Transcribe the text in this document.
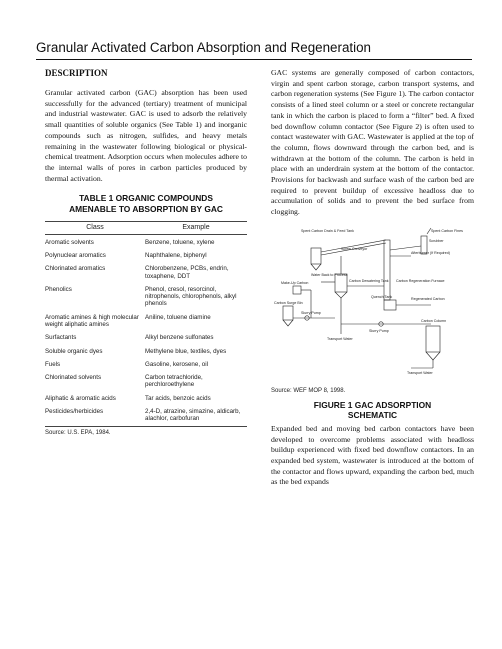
Granular Activated Carbon Absorption and Regeneration
DESCRIPTION

Granular activated carbon (GAC) absorption has been used successfully for the advanced (tertiary) treatment of municipal and industrial wastewater. GAC is used to adsorb the relatively small quantities of soluble organics (See Table 1) and inorganic compounds such as nitrogen, sulfides, and heavy metals remaining in the wastewater following biological or physical-chemical treatment. Adsorption occurs when molecules adhere to the internal walls of pores in carbon particles produced by thermal activation.

TABLE 1 ORGANIC COMPOUNDS
AMENABLE TO ABSORPTION BY GAC
Class	Example
Aromatic solvents	Benzene, toluene, xylene
Polynuclear aromatics	Naphthalene, biphenyl
Chlorinated aromatics	Chlorobenzene, PCBs, endrin, toxaphene, DDT
Phenolics	Phenol, cresol, resorcinol, nitrophenols, chlorophenols, alkyl phenols
Aromatic amines & high molecular weight aliphatic amines	Aniline, toluene diamine
Surfactants	Alkyl benzene sulfonates
Soluble organic dyes	Methylene blue, textiles, dyes
Fuels	Gasoline, kerosene, oil
Chlorinated solvents	Carbon tetrachloride, perchloroethylene
Aliphatic & aromatic acids	Tar acids, benzoic acids
Pesticides/herbicides	2,4-D, atrazine, simazine, aldicarb, alachlor, carbofuran
Source: U.S. EPA, 1984.

GAC systems are generally composed of carbon contactors, virgin and spent carbon storage, carbon transport systems, and carbon regeneration systems (See Figure 1). The carbon contactor consists of a lined steel column or a steel or concrete rectangular tank in which the carbon is placed to form a “filter” bed. A fixed bed downflow column contactor (See Figure 2) is often used to contact wastewater with GAC. Wastewater is applied at the top of the column, flows downward through the carbon bed, and is withdrawn at the bottom of the column. The carbon is held in place with an underdrain system at the bottom of the contactor. Provisions for backwash and surface wash of the carbon bed are required to prevent buildup of excessive headloss due to accumulation of solids and to prevent the bed surface from clogging.

Spent Carbon Drain & Feed Tank
Screw Conveyor
Spent Carbon Fines
Scrubber
Afterburner (If Required)
Water Back to Process
Make-Up Carbon	Carbon Dewatering Tank Carbon Regeneration Furnace
Quench Tank	Regenerated Carbon
Carbon Surge Bin
Slurry Pump
Transport Water
Slurry Pump
Carbon Column
Transport Water
Source: WEF MOP 8, 1998.
FIGURE 1 GAC ADSORPTION
SCHEMATIC

Expanded bed and moving bed carbon contactors have been developed to overcome problems associated with headloss buildup experienced with fixed bed downflow contactors. In an expanded bed system, wastewater is introduced at the bottom of the contactor and flows upward, expanding the carbon bed, much as the bed expands
